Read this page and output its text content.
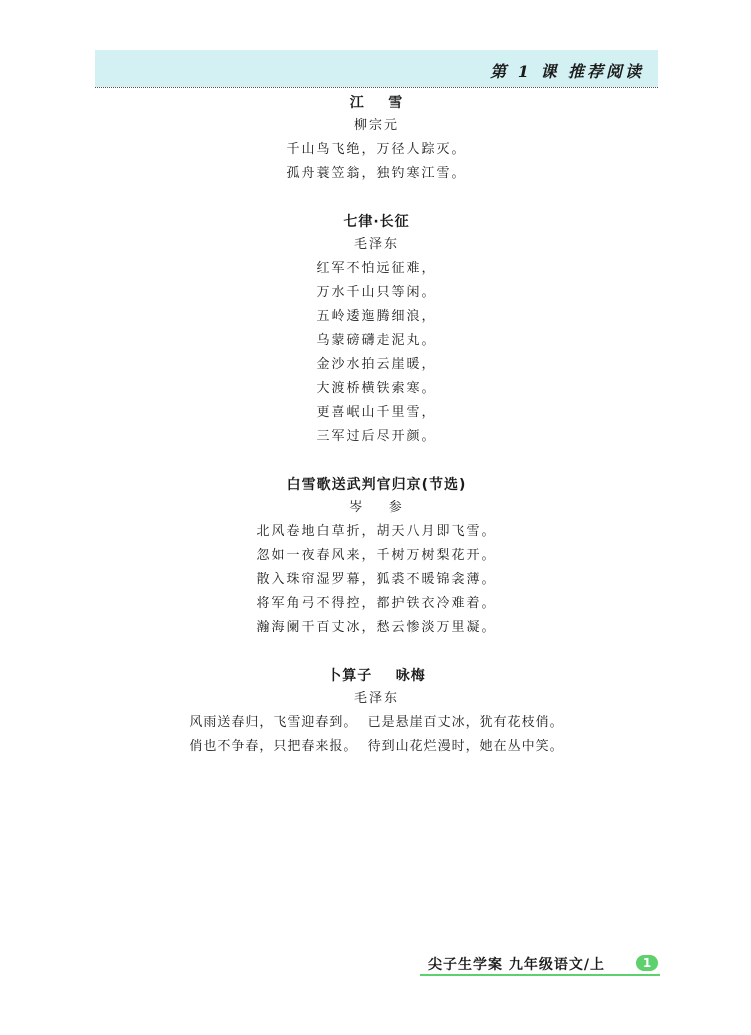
第 1 课 推荐阅读
江    雪
柳宗元
千山鸟飞绝，万径人踪灭。
孤舟蓑笠翁，独钓寒江雪。
七律·长征
毛泽东
红军不怕远征难，
万水千山只等闲。
五岭逶迤腾细浪，
乌蒙磅礴走泥丸。
金沙水拍云崖暖，
大渡桥横铁索寒。
更喜岷山千里雪，
三军过后尽开颜。
白雪歌送武判官归京(节选)
岑    参
北风卷地白草折，胡天八月即飞雪。
忽如一夜春风来，千树万树梨花开。
散入珠帘湿罗幕，狐裘不暖锦衾薄。
将军角弓不得控，都护铁衣冷难着。
瀚海阑干百丈冰，愁云惨淡万里凝。
卜算子    咏梅
毛泽东
风雨送春归，飞雪迎春到。  已是悬崖百丈冰，犹有花枝俏。
俏也不争春，只把春来报。  待到山花烂漫时，她在丛中笑。
尖子生学案 九年级语文/上	1
